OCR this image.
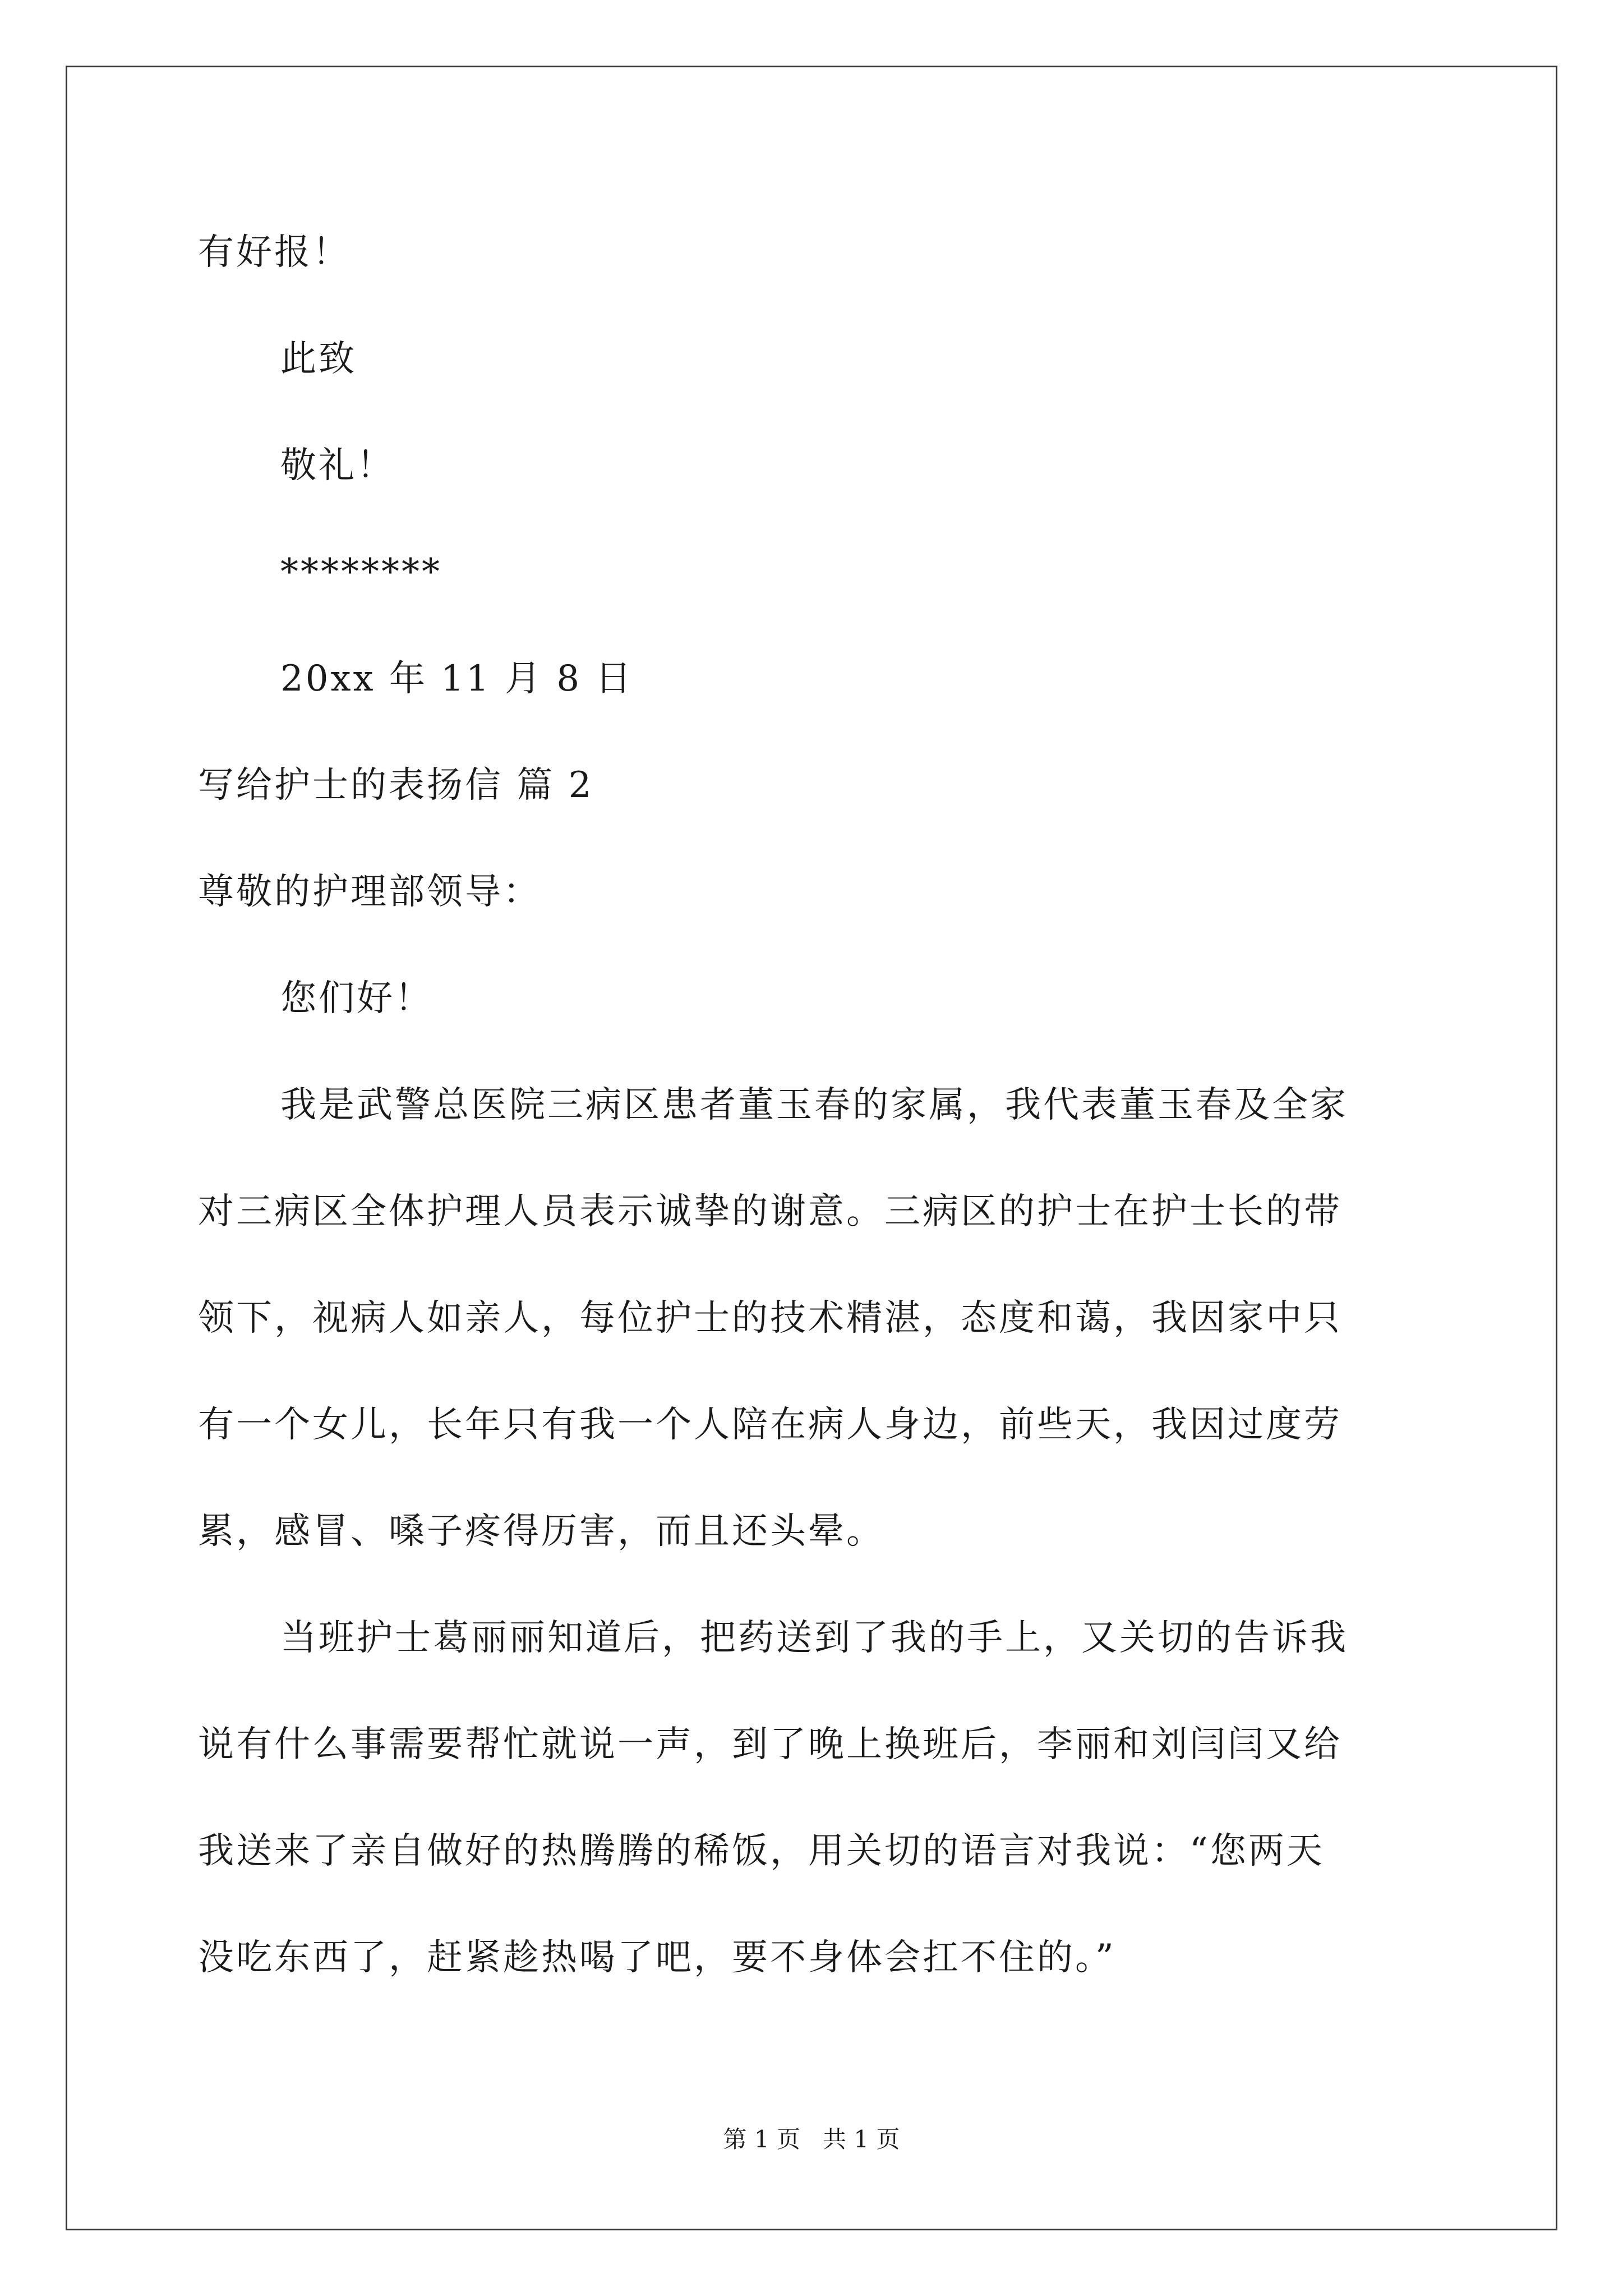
有好报！
此致
敬礼！
********
20xx 年 11 月 8 日
写给护士的表扬信 篇 2
尊敬的护理部领导：
您们好！
我是武警总医院三病区患者董玉春的家属，我代表董玉春及全家
对三病区全体护理人员表示诚挚的谢意。三病区的护士在护士长的带
领下，视病人如亲人，每位护士的技术精湛，态度和蔼，我因家中只
有一个女儿，长年只有我一个人陪在病人身边，前些天，我因过度劳
累，感冒、嗓子疼得历害，而且还头晕。
当班护士葛丽丽知道后，把药送到了我的手上，又关切的告诉我
说有什么事需要帮忙就说一声，到了晚上换班后，李丽和刘闫闫又给
我送来了亲自做好的热腾腾的稀饭，用关切的语言对我说：“您两天
没吃东西了，赶紧趁热喝了吧，要不身体会扛不住的。”
第 1 页   共 1 页
